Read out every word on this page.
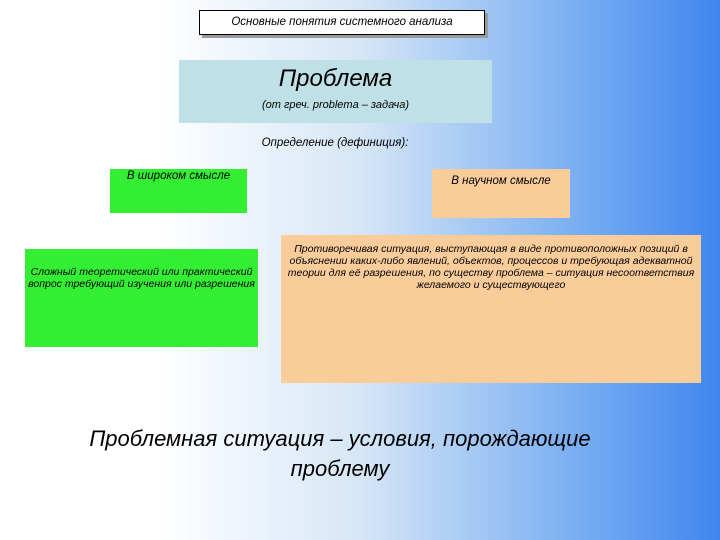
Основные понятия системного анализа
Проблема
(от греч. problema – задача)
Определение (дефиниция):
В широком смысле	В научном смысле
Сложный теоретический или практический вопрос требующий изучения или разрешения
Противоречивая ситуация, выступающая в виде противоположных позиций в объяснении каких-либо явлений, объектов, процессов и требующая адекватной теории для её разрешения, по существу проблема – ситуация несоответствия желаемого и существующего
Проблемная ситуация – условия, порождающие проблему
